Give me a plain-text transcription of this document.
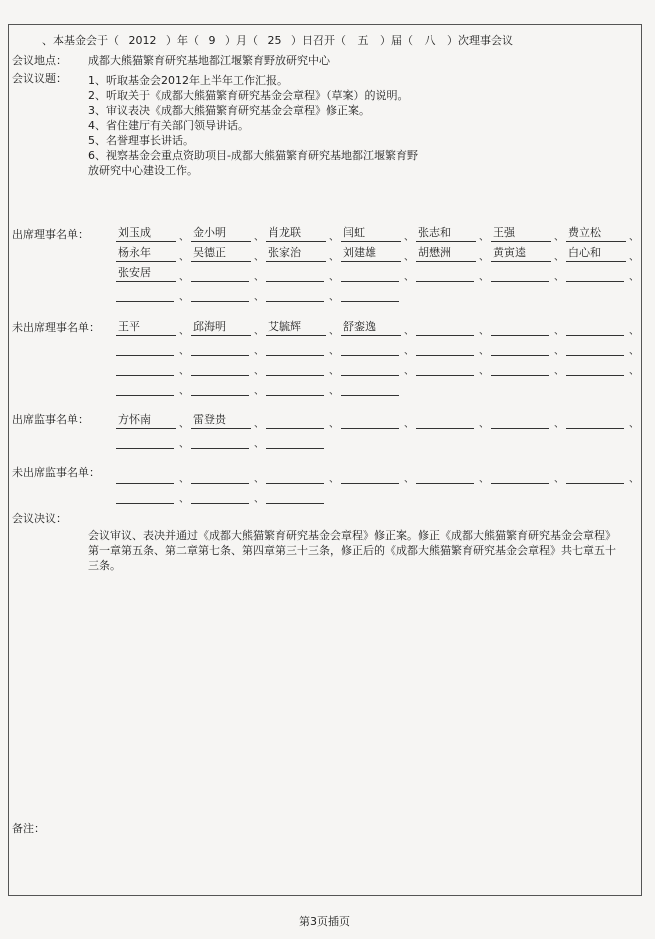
、本基金会于（ 2012 ）年（ 9 ）月（ 25 ）日召开（ 五 ）届（ 八 ）次理事会议
会议地点： 成都大熊猫繁育研究基地都江堰繁育野放研究中心
会议议题： 1、听取基金会2012年上半年工作汇报。
2、听取关于《成都大熊猫繁育研究基金会章程》（草案）的说明。
3、审议表决《成都大熊猫繁育研究基金会章程》修正案。
4、省住建厅有关部门领导讲话。
5、名誉理事长讲话。
6、视察基金会重点资助项目-成都大熊猫繁育研究基地都江堰繁育野
放研究中心建设工作。
出席理事名单：	刘玉成	、 金小明	、 肖龙联	、 闫虹	、 张志和	、 王强	、 费立松	、
杨永年	、 吴德正	、 张家治	、 刘建雄	、 胡懋洲	、 黄寅逵	、 白心和	、
张安居	、	、	、	、	、	、	、
、	、	、
未出席理事名单： 王平	、 邱海明	、 艾毓辉	、 舒銮逸	、	、	、	、
、	、	、	、	、	、	、
、	、	、	、	、	、	、
、	、	、
出席监事名单：	方怀南	、 雷登贵	、	、	、	、	、	、
、	、
未出席监事名单：
、	、	、	、	、	、	、
、	、
会议决议：
会议审议、表决并通过《成都大熊猫繁育研究基金会章程》修正案。修正《成都大熊猫繁育研究基金会章程》第一章第五条、第二章第七条、第四章第三十三条，修正后的《成都大熊猫繁育研究基金会章程》共七章五十三条。
备注：
第3页插页
